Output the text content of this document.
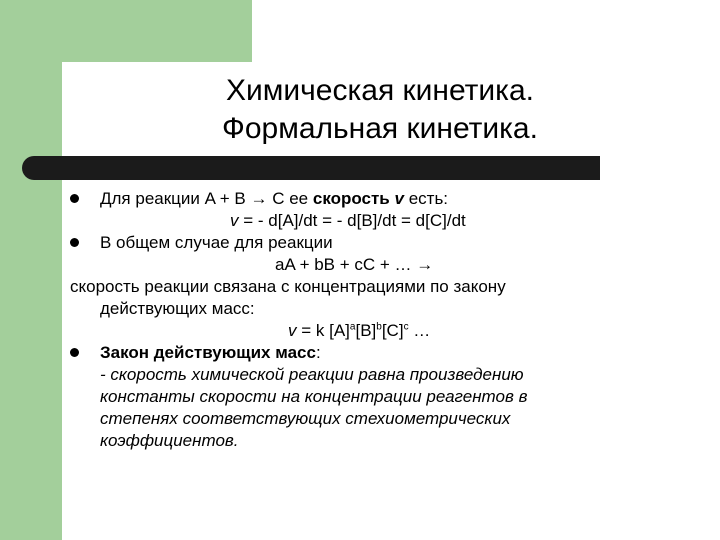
Химическая кинетика.
Формальная кинетика.
Для реакции A + B → C ее скорость v есть:
v = - d[A]/dt = - d[B]/dt = d[C]/dt
В общем случае для реакции
aA + bB + cC + … →
скорость реакции связана с концентрациями по закону
действующих масс:
v = k $[A]^a[B]^b[C]^c$ …
Закон действующих масс:
- скорость химической реакции равна произведению
константы скорости на концентрации реагентов в
степенях соответствующих стехиометрических
коэффициентов.
